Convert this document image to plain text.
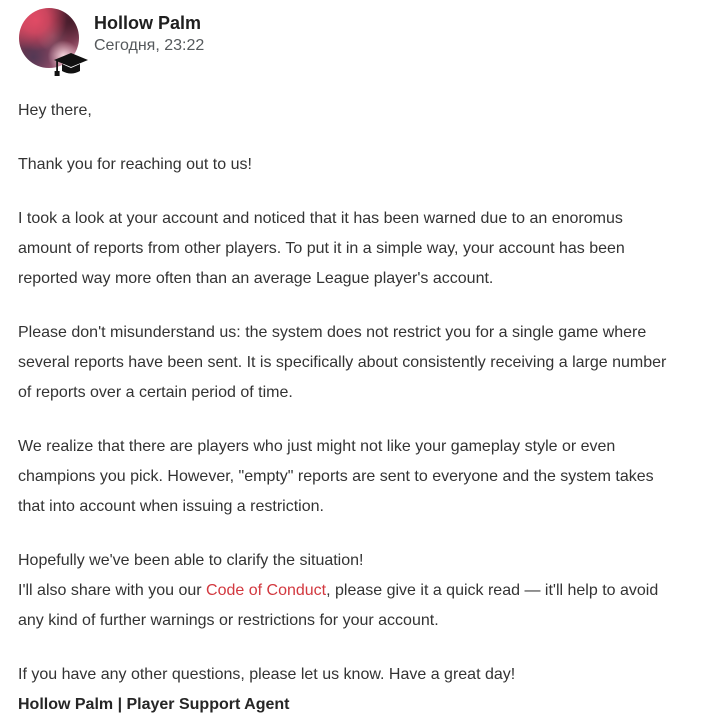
Hollow Palm
Сегодня, 23:22
Hey there,
Thank you for reaching out to us!
I took a look at your account and noticed that it has been warned due to an enoromus
amount of reports from other players. To put it in a simple way, your account has been
reported way more often than an average League player's account.
Please don't misunderstand us: the system does not restrict you for a single game where
several reports have been sent. It is specifically about consistently receiving a large number
of reports over a certain period of time.
We realize that there are players who just might not like your gameplay style or even
champions you pick. However, "empty" reports are sent to everyone and the system takes
that into account when issuing a restriction.
Hopefully we've been able to clarify the situation!
I'll also share with you our Code of Conduct, please give it a quick read — it'll help to avoid
any kind of further warnings or restrictions for your account.
If you have any other questions, please let us know. Have a great day!
Hollow Palm | Player Support Agent
